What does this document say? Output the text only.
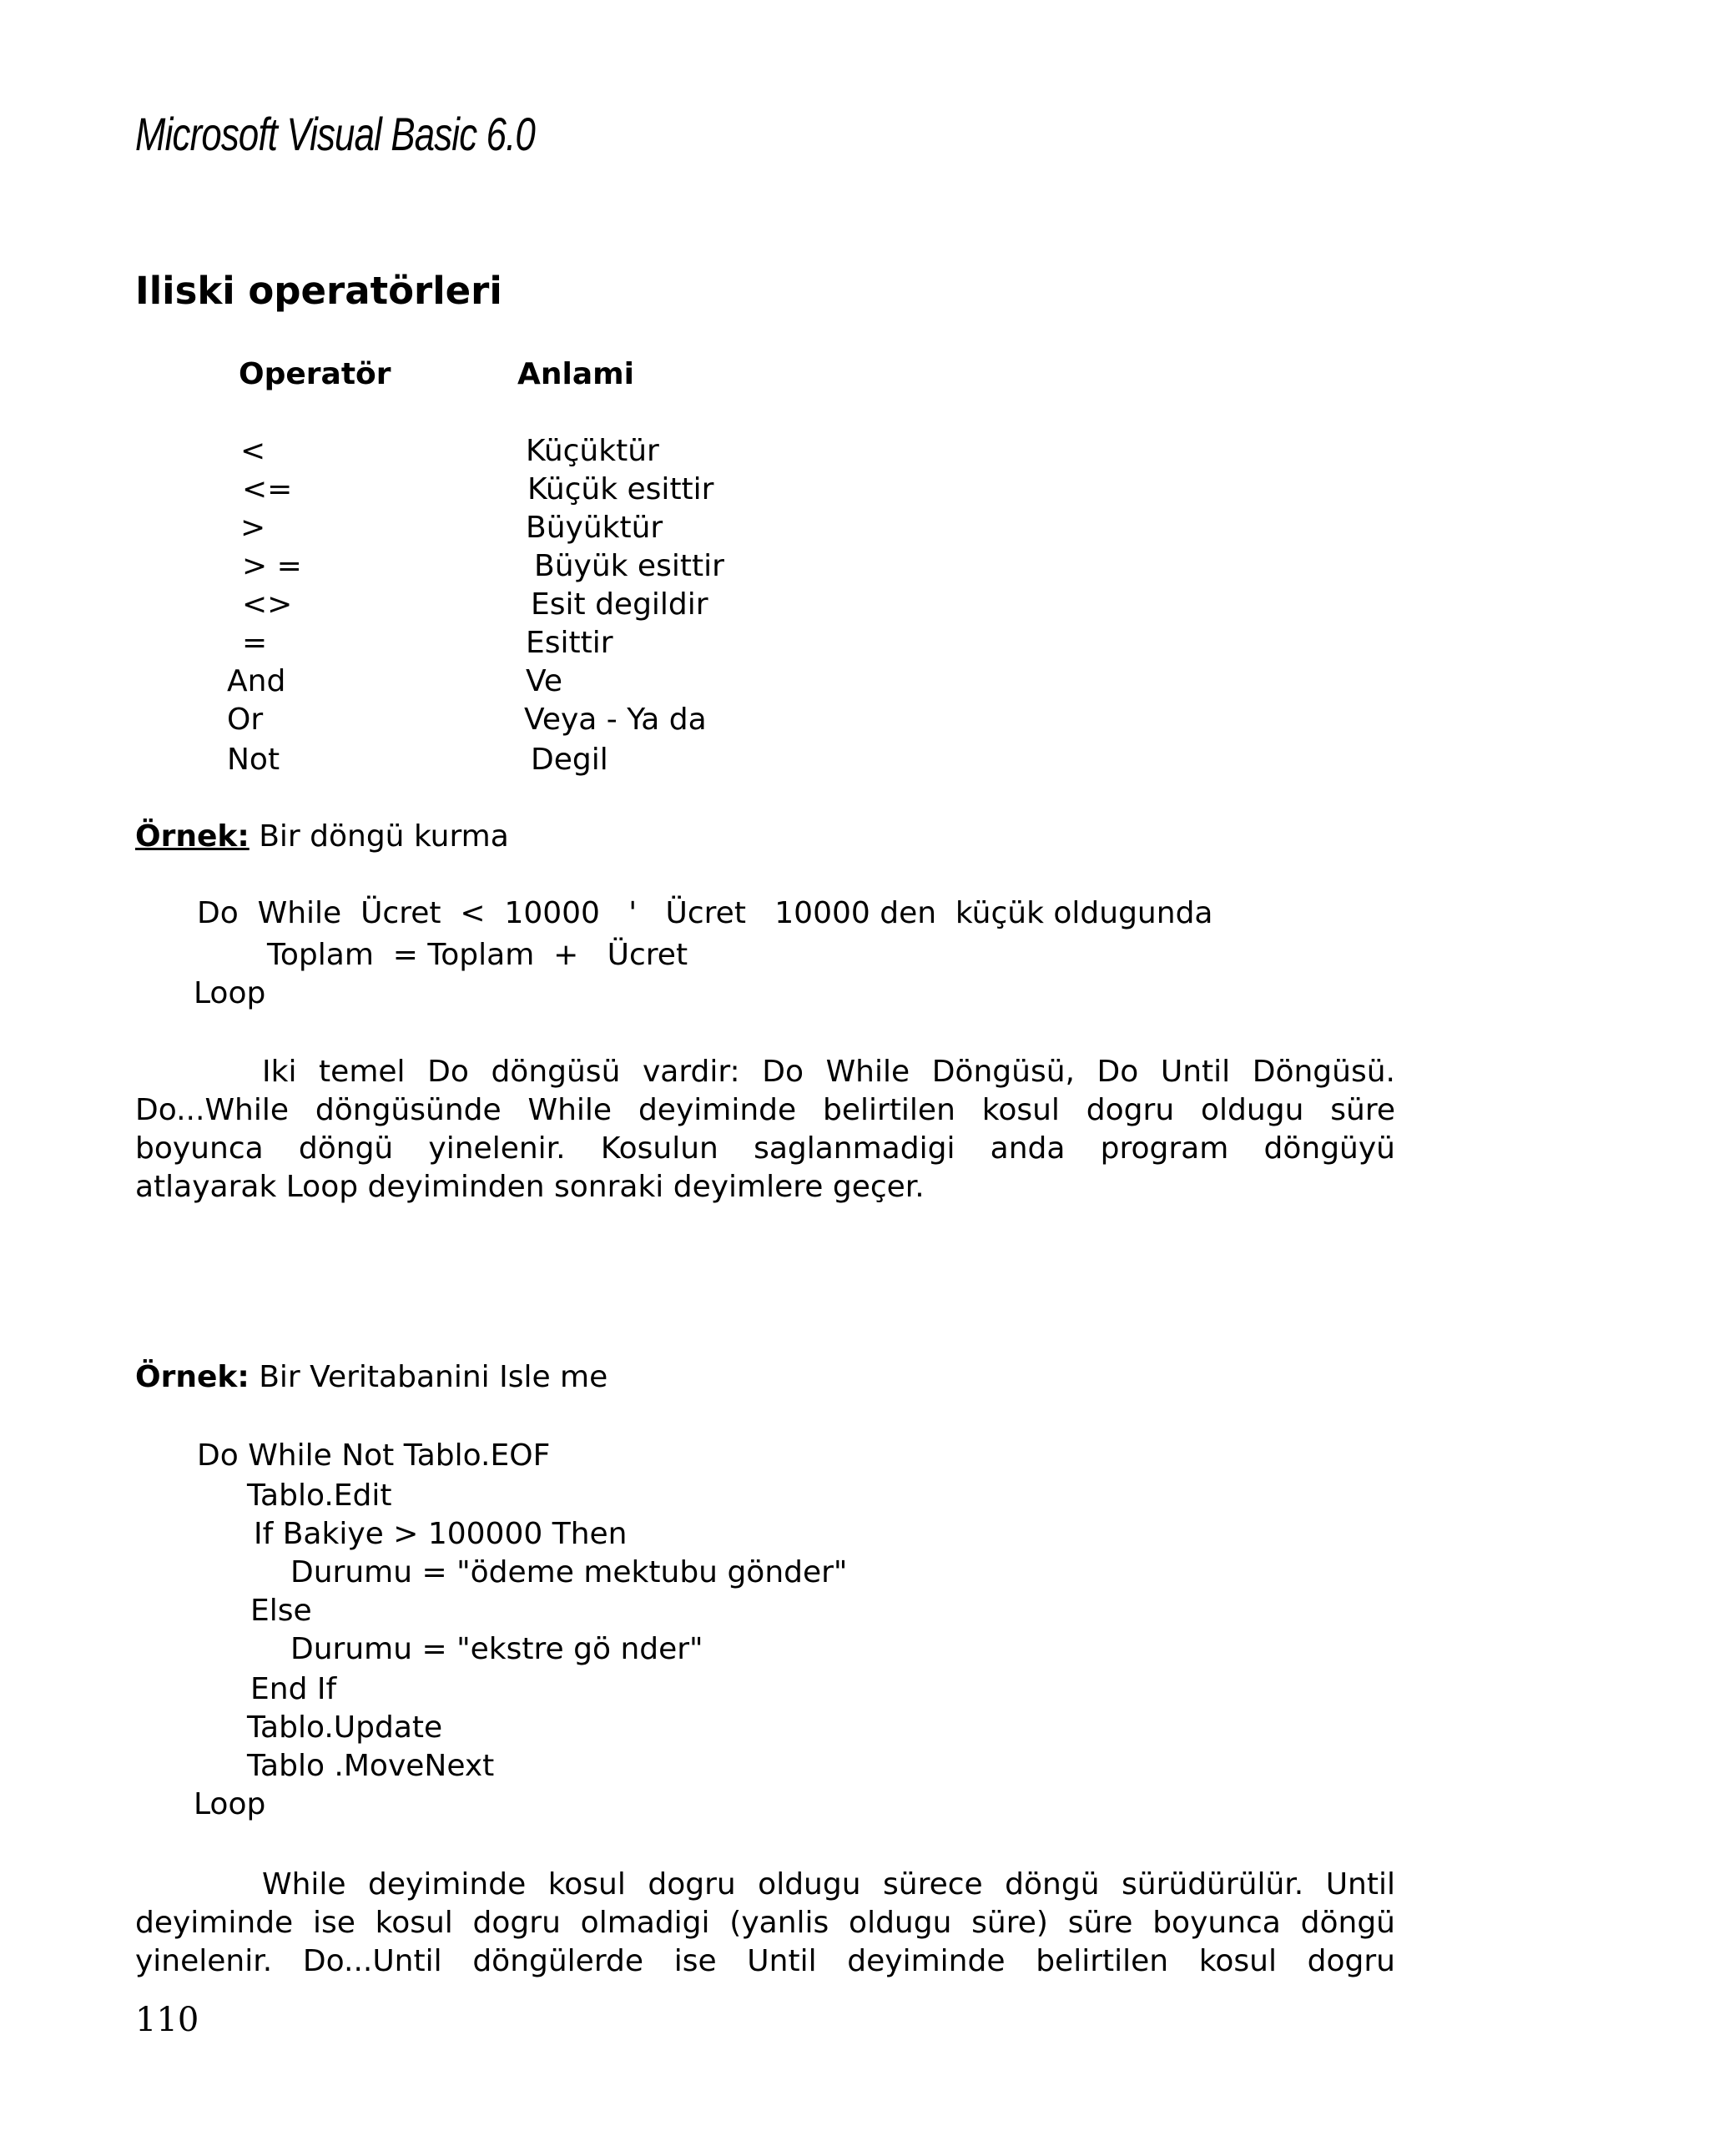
Microsoft Visual Basic 6.0
Iliski operatörleri
Operatör	Anlami
<	Küçüktür
<=	Küçük esittir
>	Büyüktür
> =	Büyük esittir
<>	Esit degildir
=	Esittir
And	Ve
Or	Veya - Ya da
Not	Degil
Örnek: Bir döngü kurma
Do  While  Ücret  <  10000   '   Ücret   10000 den  küçük oldugunda
Toplam  = Toplam  +   Ücret
Loop
Iki temel Do döngüsü vardir: Do While Döngüsü, Do Until Döngüsü.
Do...While döngüsünde While deyiminde belirtilen kosul dogru oldugu süre
boyunca döngü yinelenir. Kosulun saglanmadigi anda program döngüyü
atlayarak Loop deyiminden sonraki deyimlere geçer.
Örnek: Bir Veritabanini Isle me
Do While Not Tablo.EOF
Tablo.Edit
If Bakiye > 100000 Then
Durumu = "ödeme mektubu gönder"
Else
Durumu = "ekstre gö nder"
End If
Tablo.Update
Tablo .MoveNext
Loop
While deyiminde kosul dogru oldugu sürece döngü sürüdürülür. Until
deyiminde ise kosul dogru olmadigi (yanlis oldugu süre) süre boyunca döngü
yinelenir. Do...Until döngülerde ise Until deyiminde belirtilen kosul dogru
110
